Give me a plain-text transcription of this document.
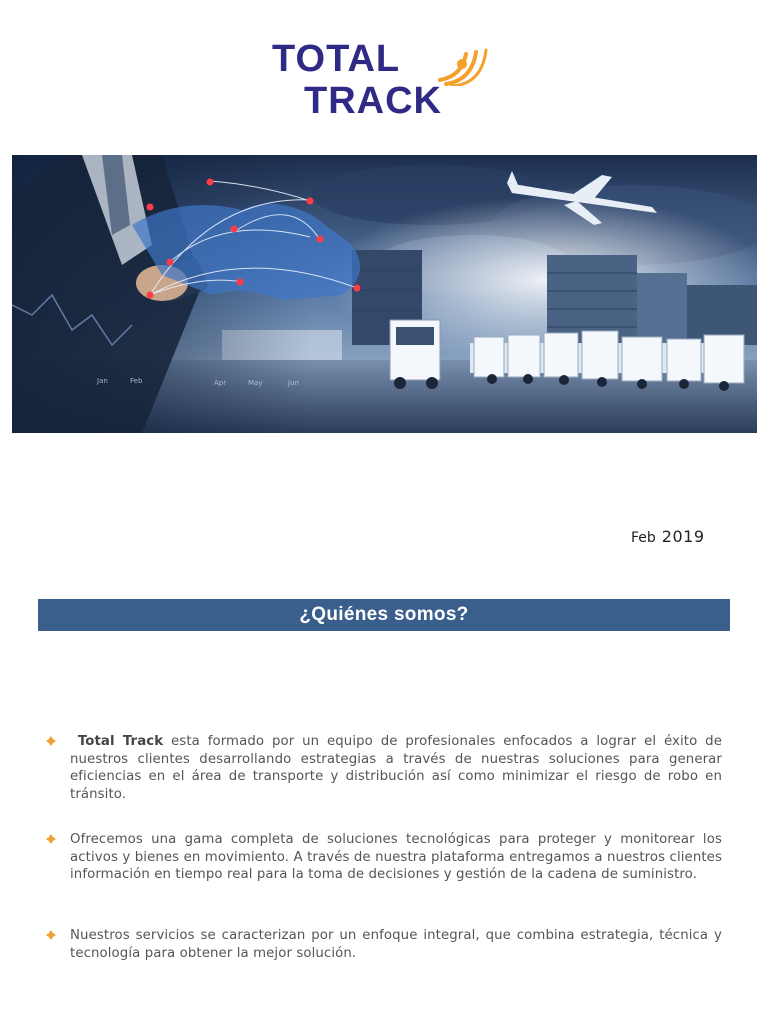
TOTAL
TRACK
Jan	Feb	Apr	May	Jun
Feb 2019
¿Quiénes somos?

Total Track esta formado por un equipo de profesionales enfocados a lograr el éxito de nuestros clientes desarrollando estrategias a través de nuestras soluciones para generar eficiencias en el área de transporte y distribución así como minimizar el riesgo de robo en tránsito.

Ofrecemos una gama completa de soluciones tecnológicas para proteger y monitorear los activos y bienes en movimiento. A través de nuestra plataforma entregamos a nuestros clientes información en tiempo real para la toma de decisiones y gestión de la cadena de suministro.

Nuestros servicios se caracterizan por un enfoque integral, que combina estrategia, técnica y tecnología para obtener la mejor solución.
